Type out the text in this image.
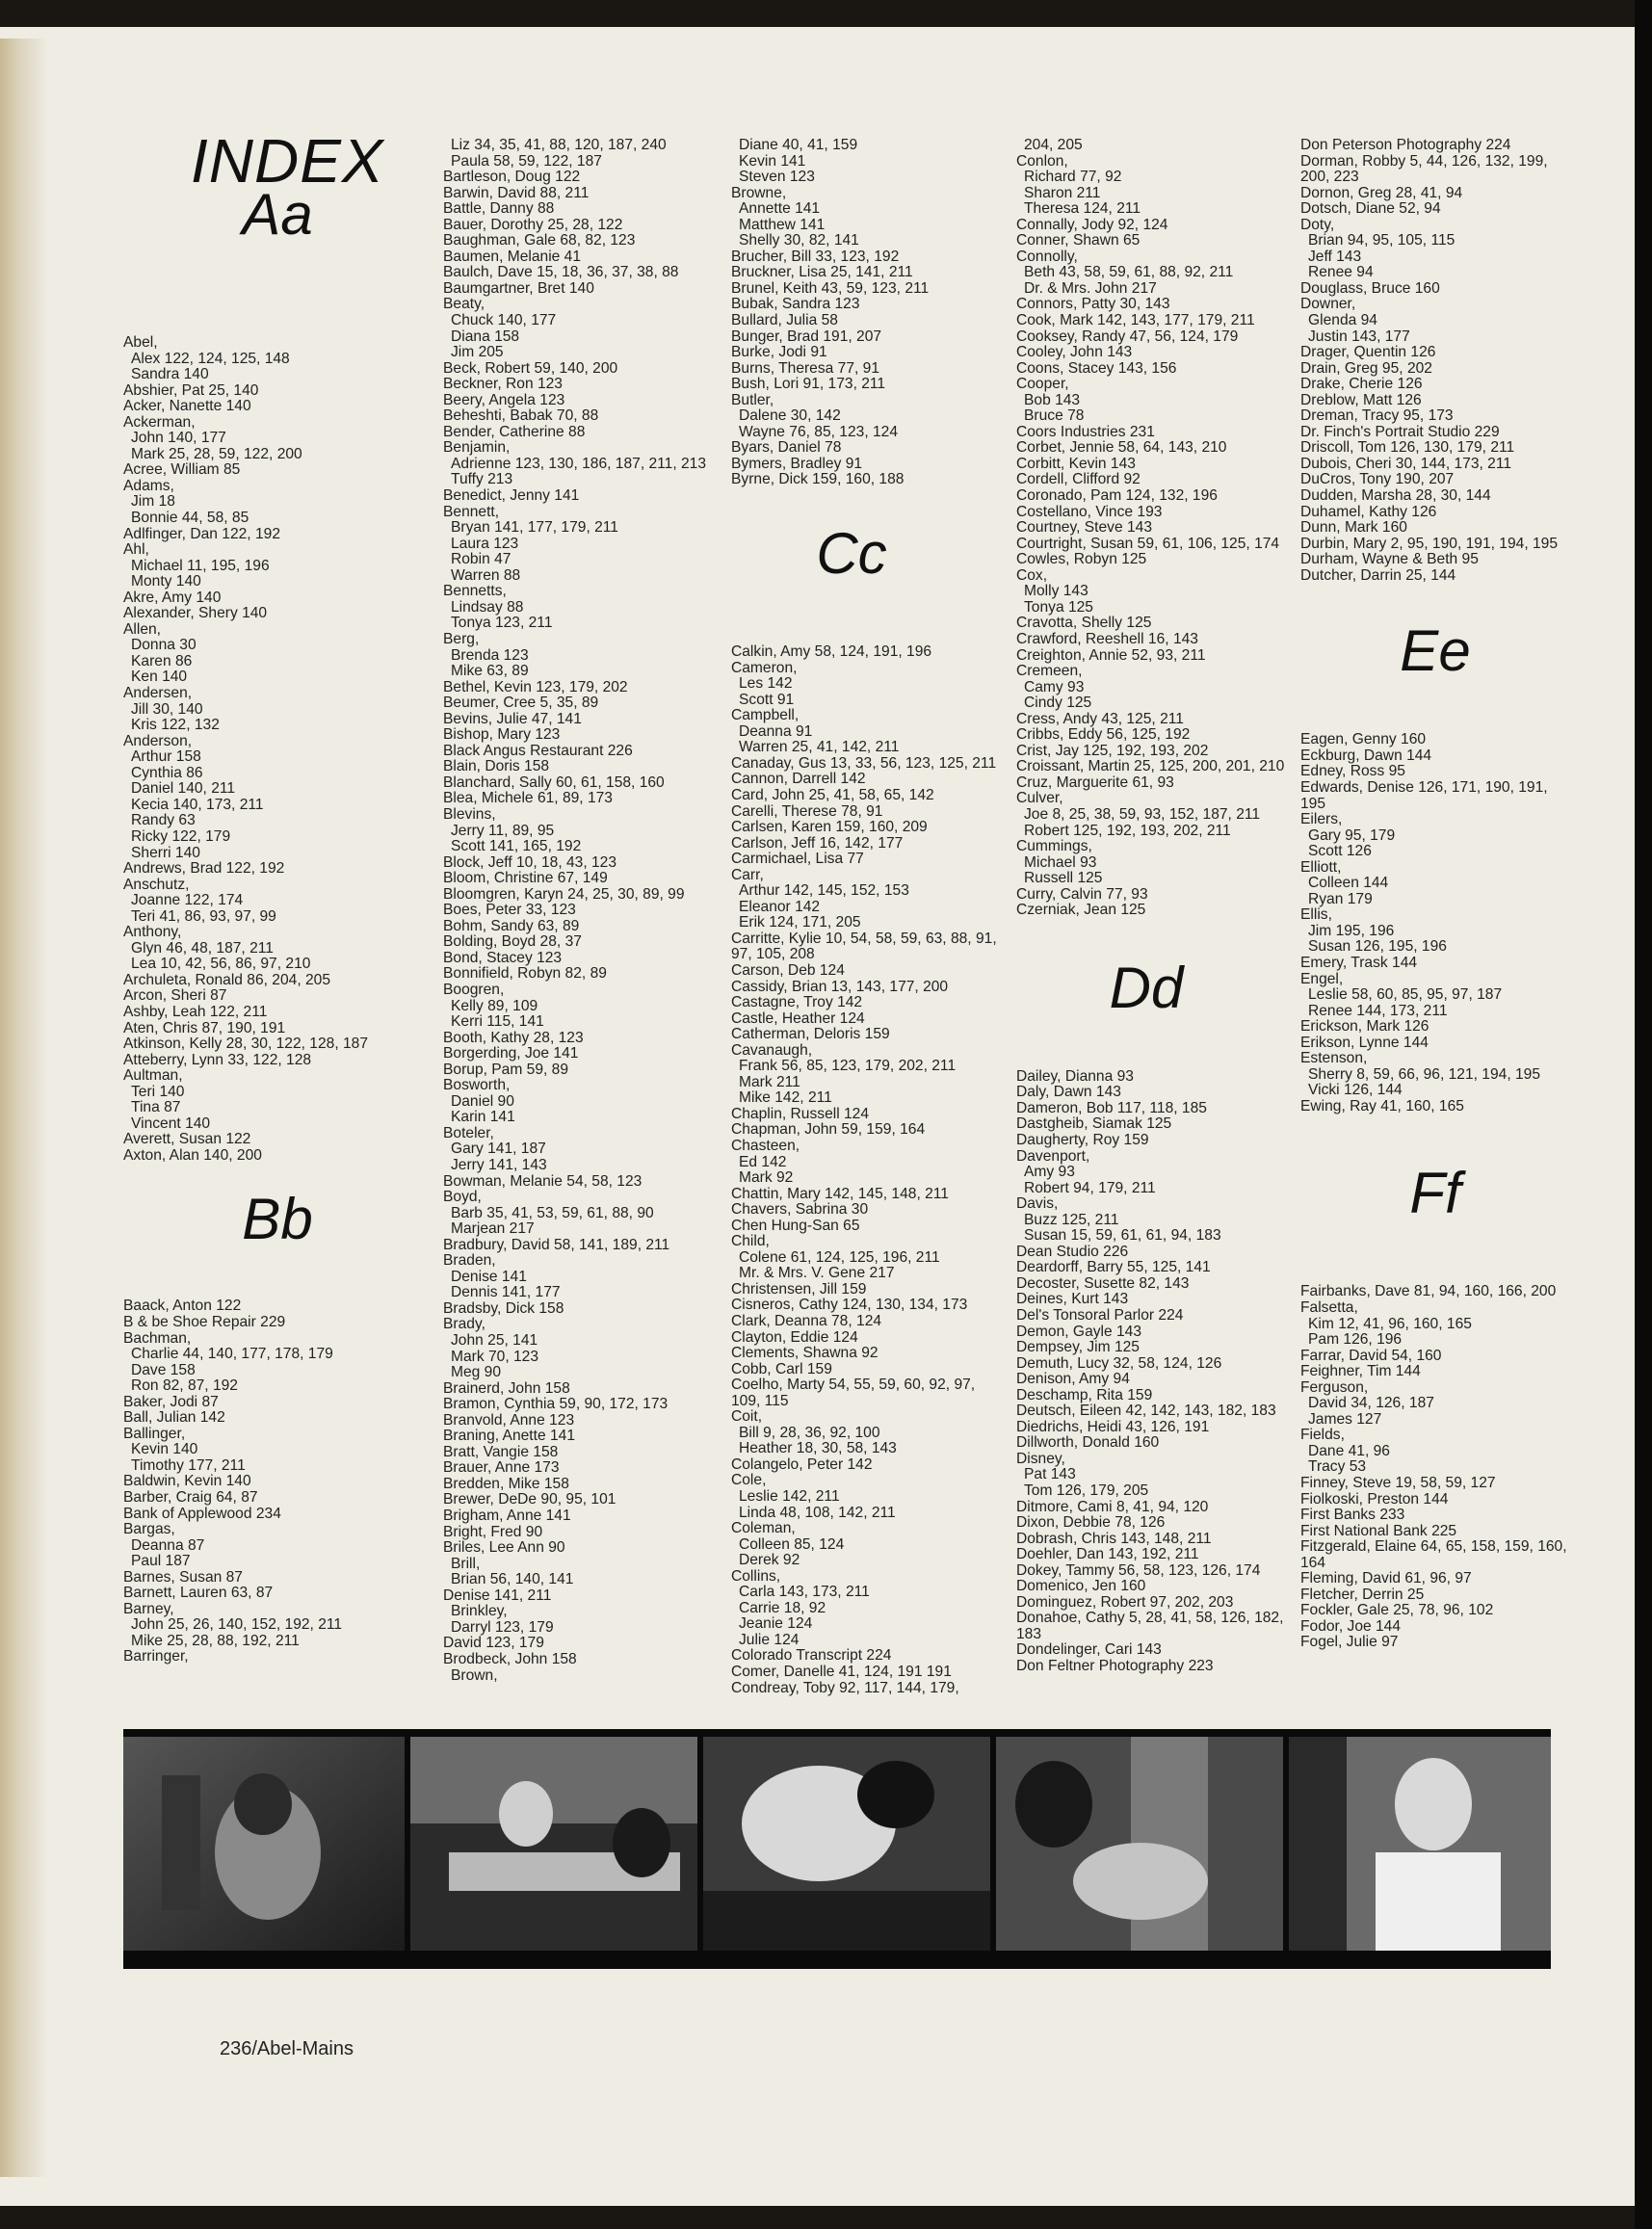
INDEX
Aa
Abel,
Alex 122, 124, 125, 148
Sandra 140
Abshier, Pat 25, 140
Acker, Nanette 140
Ackerman,
John 140, 177
Mark 25, 28, 59, 122, 200
Acree, William 85
Adams,
Jim 18
Bonnie 44, 58, 85
Adlfinger, Dan 122, 192
Ahl,
Michael 11, 195, 196
Monty 140
Akre, Amy 140
Alexander, Shery 140
Allen,
Donna 30
Karen 86
Ken 140
Andersen,
Jill 30, 140
Kris 122, 132
Anderson,
Arthur 158
Cynthia 86
Daniel 140, 211
Kecia 140, 173, 211
Randy 63
Ricky 122, 179
Sherri 140
Andrews, Brad 122, 192
Anschutz,
Joanne 122, 174
Teri 41, 86, 93, 97, 99
Anthony,
Glyn 46, 48, 187, 211
Lea 10, 42, 56, 86, 97, 210
Archuleta, Ronald 86, 204, 205
Arcon, Sheri 87
Ashby, Leah 122, 211
Aten, Chris 87, 190, 191
Atkinson, Kelly 28, 30, 122, 128, 187
Atteberry, Lynn 33, 122, 128
Aultman,
Teri 140
Tina 87
Vincent 140
Averett, Susan 122
Axton, Alan 140, 200
Bb
Baack, Anton 122
B & be Shoe Repair 229
Bachman,
Charlie 44, 140, 177, 178, 179
Dave 158
Ron 82, 87, 192
Baker, Jodi 87
Ball, Julian 142
Ballinger,
Kevin 140
Timothy 177, 211
Baldwin, Kevin 140
Barber, Craig 64, 87
Bank of Applewood 234
Bargas,
Deanna 87
Paul 187
Barnes, Susan 87
Barnett, Lauren 63, 87
Barney,
John 25, 26, 140, 152, 192, 211
Mike 25, 28, 88, 192, 211
Barringer,
Liz 34, 35, 41, 88, 120, 187, 240
Paula 58, 59, 122, 187
Bartleson, Doug 122
Barwin, David 88, 211
Battle, Danny 88
Bauer, Dorothy 25, 28, 122
Baughman, Gale 68, 82, 123
Baumen, Melanie 41
Baulch, Dave 15, 18, 36, 37, 38, 88
Baumgartner, Bret 140
Beaty,
Chuck 140, 177
Diana 158
Jim 205
Beck, Robert 59, 140, 200
Beckner, Ron 123
Beery, Angela 123
Beheshti, Babak 70, 88
Bender, Catherine 88
Benjamin,
Adrienne 123, 130, 186, 187, 211, 213
Tuffy 213
Benedict, Jenny 141
Bennett,
Bryan 141, 177, 179, 211
Laura 123
Robin 47
Warren 88
Bennetts,
Lindsay 88
Tonya 123, 211
Berg,
Brenda 123
Mike 63, 89
Bethel, Kevin 123, 179, 202
Beumer, Cree 5, 35, 89
Bevins, Julie 47, 141
Bishop, Mary 123
Black Angus Restaurant 226
Blain, Doris 158
Blanchard, Sally 60, 61, 158, 160
Blea, Michele 61, 89, 173
Blevins,
Jerry 11, 89, 95
Scott 141, 165, 192
Block, Jeff 10, 18, 43, 123
Bloom, Christine 67, 149
Bloomgren, Karyn 24, 25, 30, 89, 99
Boes, Peter 33, 123
Bohm, Sandy 63, 89
Bolding, Boyd 28, 37
Bond, Stacey 123
Bonnifield, Robyn 82, 89
Boogren,
Kelly 89, 109
Kerri 115, 141
Booth, Kathy 28, 123
Borgerding, Joe 141
Borup, Pam 59, 89
Bosworth,
Daniel 90
Karin 141
Boteler,
Gary 141, 187
Jerry 141, 143
Bowman, Melanie 54, 58, 123
Boyd,
Barb 35, 41, 53, 59, 61, 88, 90
Marjean 217
Bradbury, David 58, 141, 189, 211
Braden,
Denise 141
Dennis 141, 177
Bradsby, Dick 158
Brady,
John 25, 141
Mark 70, 123
Meg 90
Brainerd, John 158
Bramon, Cynthia 59, 90, 172, 173
Branvold, Anne 123
Braning, Anette 141
Bratt, Vangie 158
Brauer, Anne 173
Bredden, Mike 158
Brewer, DeDe 90, 95, 101
Brigham, Anne 141
Bright, Fred 90
Briles, Lee Ann 90
Brill,
Brian 56, 140, 141
Denise 141, 211
Brinkley,
Darryl 123, 179
David 123, 179
Brodbeck, John 158
Brown,
Diane 40, 41, 159
Kevin 141
Steven 123
Browne,
Annette 141
Matthew 141
Shelly 30, 82, 141
Brucher, Bill 33, 123, 192
Bruckner, Lisa 25, 141, 211
Brunel, Keith 43, 59, 123, 211
Bubak, Sandra 123
Bullard, Julia 58
Bunger, Brad 191, 207
Burke, Jodi 91
Burns, Theresa 77, 91
Bush, Lori 91, 173, 211
Butler,
Dalene 30, 142
Wayne 76, 85, 123, 124
Byars, Daniel 78
Bymers, Bradley 91
Byrne, Dick 159, 160, 188
Cc
Calkin, Amy 58, 124, 191, 196
Cameron,
Les 142
Scott 91
Campbell,
Deanna 91
Warren 25, 41, 142, 211
Canaday, Gus 13, 33, 56, 123, 125, 211
Cannon, Darrell 142
Card, John 25, 41, 58, 65, 142
Carelli, Therese 78, 91
Carlsen, Karen 159, 160, 209
Carlson, Jeff 16, 142, 177
Carmichael, Lisa 77
Carr,
Arthur 142, 145, 152, 153
Eleanor 142
Erik 124, 171, 205
Carritte, Kylie 10, 54, 58, 59, 63, 88, 91, 97, 105, 208
Carson, Deb 124
Cassidy, Brian 13, 143, 177, 200
Castagne, Troy 142
Castle, Heather 124
Catherman, Deloris 159
Cavanaugh,
Frank 56, 85, 123, 179, 202, 211
Mark 211
Mike 142, 211
Chaplin, Russell 124
Chapman, John 59, 159, 164
Chasteen,
Ed 142
Mark 92
Chattin, Mary 142, 145, 148, 211
Chavers, Sabrina 30
Chen Hung-San 65
Child,
Colene 61, 124, 125, 196, 211
Mr. & Mrs. V. Gene 217
Christensen, Jill 159
Cisneros, Cathy 124, 130, 134, 173
Clark, Deanna 78, 124
Clayton, Eddie 124
Clements, Shawna 92
Cobb, Carl 159
Coelho, Marty 54, 55, 59, 60, 92, 97, 109, 115
Coit,
Bill 9, 28, 36, 92, 100
Heather 18, 30, 58, 143
Colangelo, Peter 142
Cole,
Leslie 142, 211
Linda 48, 108, 142, 211
Coleman,
Colleen 85, 124
Derek 92
Collins,
Carla 143, 173, 211
Carrie 18, 92
Jeanie 124
Julie 124
Colorado Transcript 224
Comer, Danelle 41, 124, 191 191
Condreay, Toby 92, 117, 144, 179,
204, 205
Conlon,
Richard 77, 92
Sharon 211
Theresa 124, 211
Connally, Jody 92, 124
Conner, Shawn 65
Connolly,
Beth 43, 58, 59, 61, 88, 92, 211
Dr. & Mrs. John 217
Connors, Patty 30, 143
Cook, Mark 142, 143, 177, 179, 211
Cooksey, Randy 47, 56, 124, 179
Cooley, John 143
Coons, Stacey 143, 156
Cooper,
Bob 143
Bruce 78
Coors Industries 231
Corbet, Jennie 58, 64, 143, 210
Corbitt, Kevin 143
Cordell, Clifford 92
Coronado, Pam 124, 132, 196
Costellano, Vince 193
Courtney, Steve 143
Courtright, Susan 59, 61, 106, 125, 174
Cowles, Robyn 125
Cox,
Molly 143
Tonya 125
Cravotta, Shelly 125
Crawford, Reeshell 16, 143
Creighton, Annie 52, 93, 211
Cremeen,
Camy 93
Cindy 125
Cress, Andy 43, 125, 211
Cribbs, Eddy 56, 125, 192
Crist, Jay 125, 192, 193, 202
Croissant, Martin 25, 125, 200, 201, 210
Cruz, Marguerite 61, 93
Culver,
Joe 8, 25, 38, 59, 93, 152, 187, 211
Robert 125, 192, 193, 202, 211
Cummings,
Michael 93
Russell 125
Curry, Calvin 77, 93
Czerniak, Jean 125
Dd
Dailey, Dianna 93
Daly, Dawn 143
Dameron, Bob 117, 118, 185
Dastgheib, Siamak 125
Daugherty, Roy 159
Davenport,
Amy 93
Robert 94, 179, 211
Davis,
Buzz 125, 211
Susan 15, 59, 61, 61, 94, 183
Dean Studio 226
Deardorff, Barry 55, 125, 141
Decoster, Susette 82, 143
Deines, Kurt 143
Del's Tonsoral Parlor 224
Demon, Gayle 143
Dempsey, Jim 125
Demuth, Lucy 32, 58, 124, 126
Denison, Amy 94
Deschamp, Rita 159
Deutsch, Eileen 42, 142, 143, 182, 183
Diedrichs, Heidi 43, 126, 191
Dillworth, Donald 160
Disney,
Pat 143
Tom 126, 179, 205
Ditmore, Cami 8, 41, 94, 120
Dixon, Debbie 78, 126
Dobrash, Chris 143, 148, 211
Doehler, Dan 143, 192, 211
Dokey, Tammy 56, 58, 123, 126, 174
Domenico, Jen 160
Dominguez, Robert 97, 202, 203
Donahoe, Cathy 5, 28, 41, 58, 126, 182, 183
Dondelinger, Cari 143
Don Feltner Photography 223
Don Peterson Photography 224
Dorman, Robby 5, 44, 126, 132, 199, 200, 223
Dornon, Greg 28, 41, 94
Dotsch, Diane 52, 94
Doty,
Brian 94, 95, 105, 115
Jeff 143
Renee 94
Douglass, Bruce 160
Downer,
Glenda 94
Justin 143, 177
Drager, Quentin 126
Drain, Greg 95, 202
Drake, Cherie 126
Dreblow, Matt 126
Dreman, Tracy 95, 173
Dr. Finch's Portrait Studio 229
Driscoll, Tom 126, 130, 179, 211
Dubois, Cheri 30, 144, 173, 211
DuCros, Tony 190, 207
Dudden, Marsha 28, 30, 144
Duhamel, Kathy 126
Dunn, Mark 160
Durbin, Mary 2, 95, 190, 191, 194, 195
Durham, Wayne & Beth 95
Dutcher, Darrin 25, 144
Ee
Eagen, Genny 160
Eckburg, Dawn 144
Edney, Ross 95
Edwards, Denise 126, 171, 190, 191, 195
Eilers,
Gary 95, 179
Scott 126
Elliott,
Colleen 144
Ryan 179
Ellis,
Jim 195, 196
Susan 126, 195, 196
Emery, Trask 144
Engel,
Leslie 58, 60, 85, 95, 97, 187
Renee 144, 173, 211
Erickson, Mark 126
Erikson, Lynne 144
Estenson,
Sherry 8, 59, 66, 96, 121, 194, 195
Vicki 126, 144
Ewing, Ray 41, 160, 165
Ff
Fairbanks, Dave 81, 94, 160, 166, 200
Falsetta,
Kim 12, 41, 96, 160, 165
Pam 126, 196
Farrar, David 54, 160
Feighner, Tim 144
Ferguson,
David 34, 126, 187
James 127
Fields,
Dane 41, 96
Tracy 53
Finney, Steve 19, 58, 59, 127
Fiolkoski, Preston 144
First Banks 233
First National Bank 225
Fitzgerald, Elaine 64, 65, 158, 159, 160, 164
Fleming, David 61, 96, 97
Fletcher, Derrin 25
Fockler, Gale 25, 78, 96, 102
Fodor, Joe 144
Fogel, Julie 97
236/Abel-Mains
